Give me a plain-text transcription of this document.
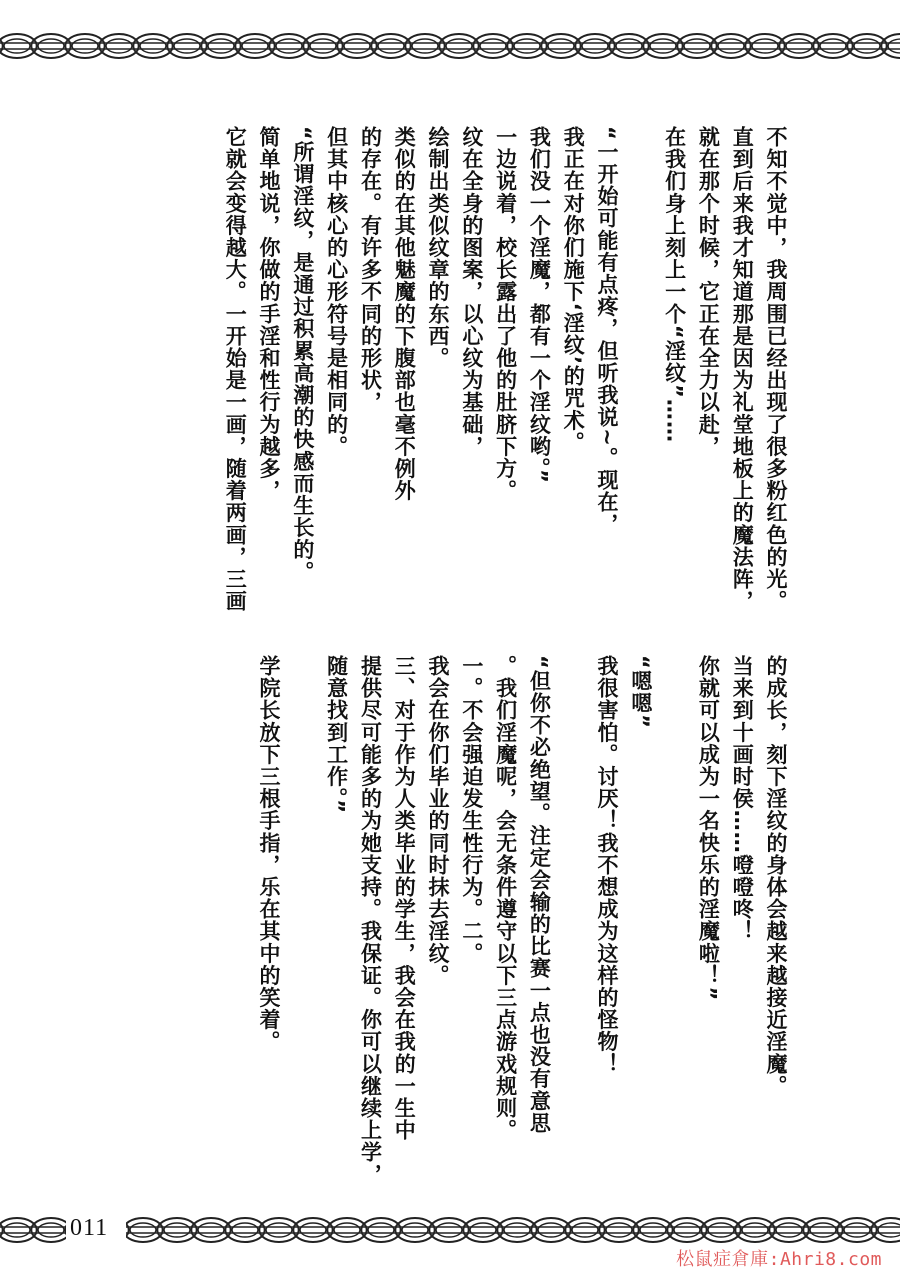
011
不知不觉中，我周围已经出现了很多粉红色的光。
直到后来我才知道那是因为礼堂地板上的魔法阵，
就在那个时候，它正在全力以赴，
在我们身上刻上一个“淫纹”……

“一开始可能有点疼，但听我说~。现在，
我正在对你们施下‘淫纹’的咒术。
我们没一个淫魔，都有一个淫纹哟。”
一边说着，校长露出了他的肚脐下方。
纹在全身的图案，以心纹为基础，
绘制出类似纹章的东西。
类似的在其他魅魔的下腹部也毫不例外
的存在。有许多不同的形状，
但其中核心的心形符号是相同的。
“所谓淫纹，是通过积累高潮的快感而生长的。
简单地说，你做的手淫和性行为越多，
它就会变得越大。一开始是一画，随着两画，三画
的成长，刻下淫纹的身体会越来越接近淫魔。
当来到十画时侯……噔噔咚！
你就可以成为一名快乐的淫魔啦！”

“嗯嗯”
我很害怕。讨厌！我不想成为这样的怪物！

“但你不必绝望。注定会输的比赛一点也没有意思
。我们淫魔呢，会无条件遵守以下三点游戏规则。
一。不会强迫发生性行为。二。
我会在你们毕业的同时抹去淫纹。
三、对于作为人类毕业的学生，我会在我的一生中
提供尽可能多的为她支持。我保证。你可以继续上学，
随意找到工作。”

学院长放下三根手指，乐在其中的笑着。
松鼠症倉庫:Ahri8.com
